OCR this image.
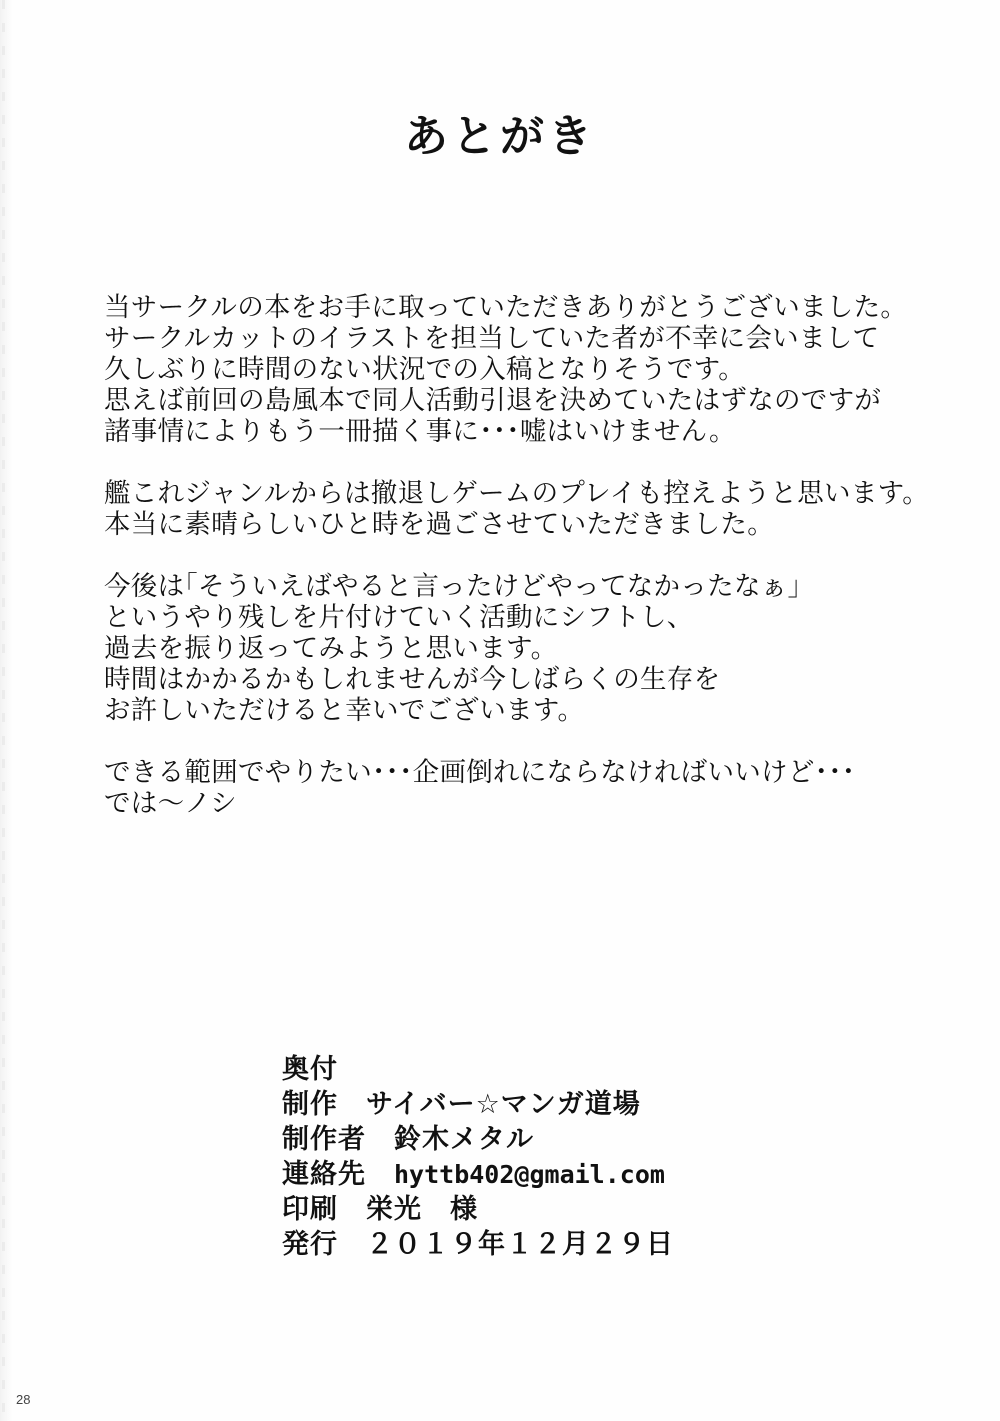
あとがき

当サークルの本をお手に取っていただきありがとうございました。
サークルカットのイラストを担当していた者が不幸に会いまして
久しぶりに時間のない状況での入稿となりそうです。
思えば前回の島風本で同人活動引退を決めていたはずなのですが
諸事情によりもう一冊描く事に･･･嘘はいけません。

艦これジャンルからは撤退しゲームのプレイも控えようと思います。
本当に素晴らしいひと時を過ごさせていただきました。

今後は｢そういえばやると言ったけどやってなかったなぁ｣
というやり残しを片付けていく活動にシフトし、
過去を振り返ってみようと思います。
時間はかかるかもしれませんが今しばらくの生存を
お許しいただけると幸いでございます。

できる範囲でやりたい･･･企画倒れにならなければいいけど･･･
では～ノシ

奥付
制作　サイバー☆マンガ道場
制作者　鈴木メタル
連絡先　hyttb402@gmail.com
印刷　栄光　様
発行　２０１９年１２月２９日
28
